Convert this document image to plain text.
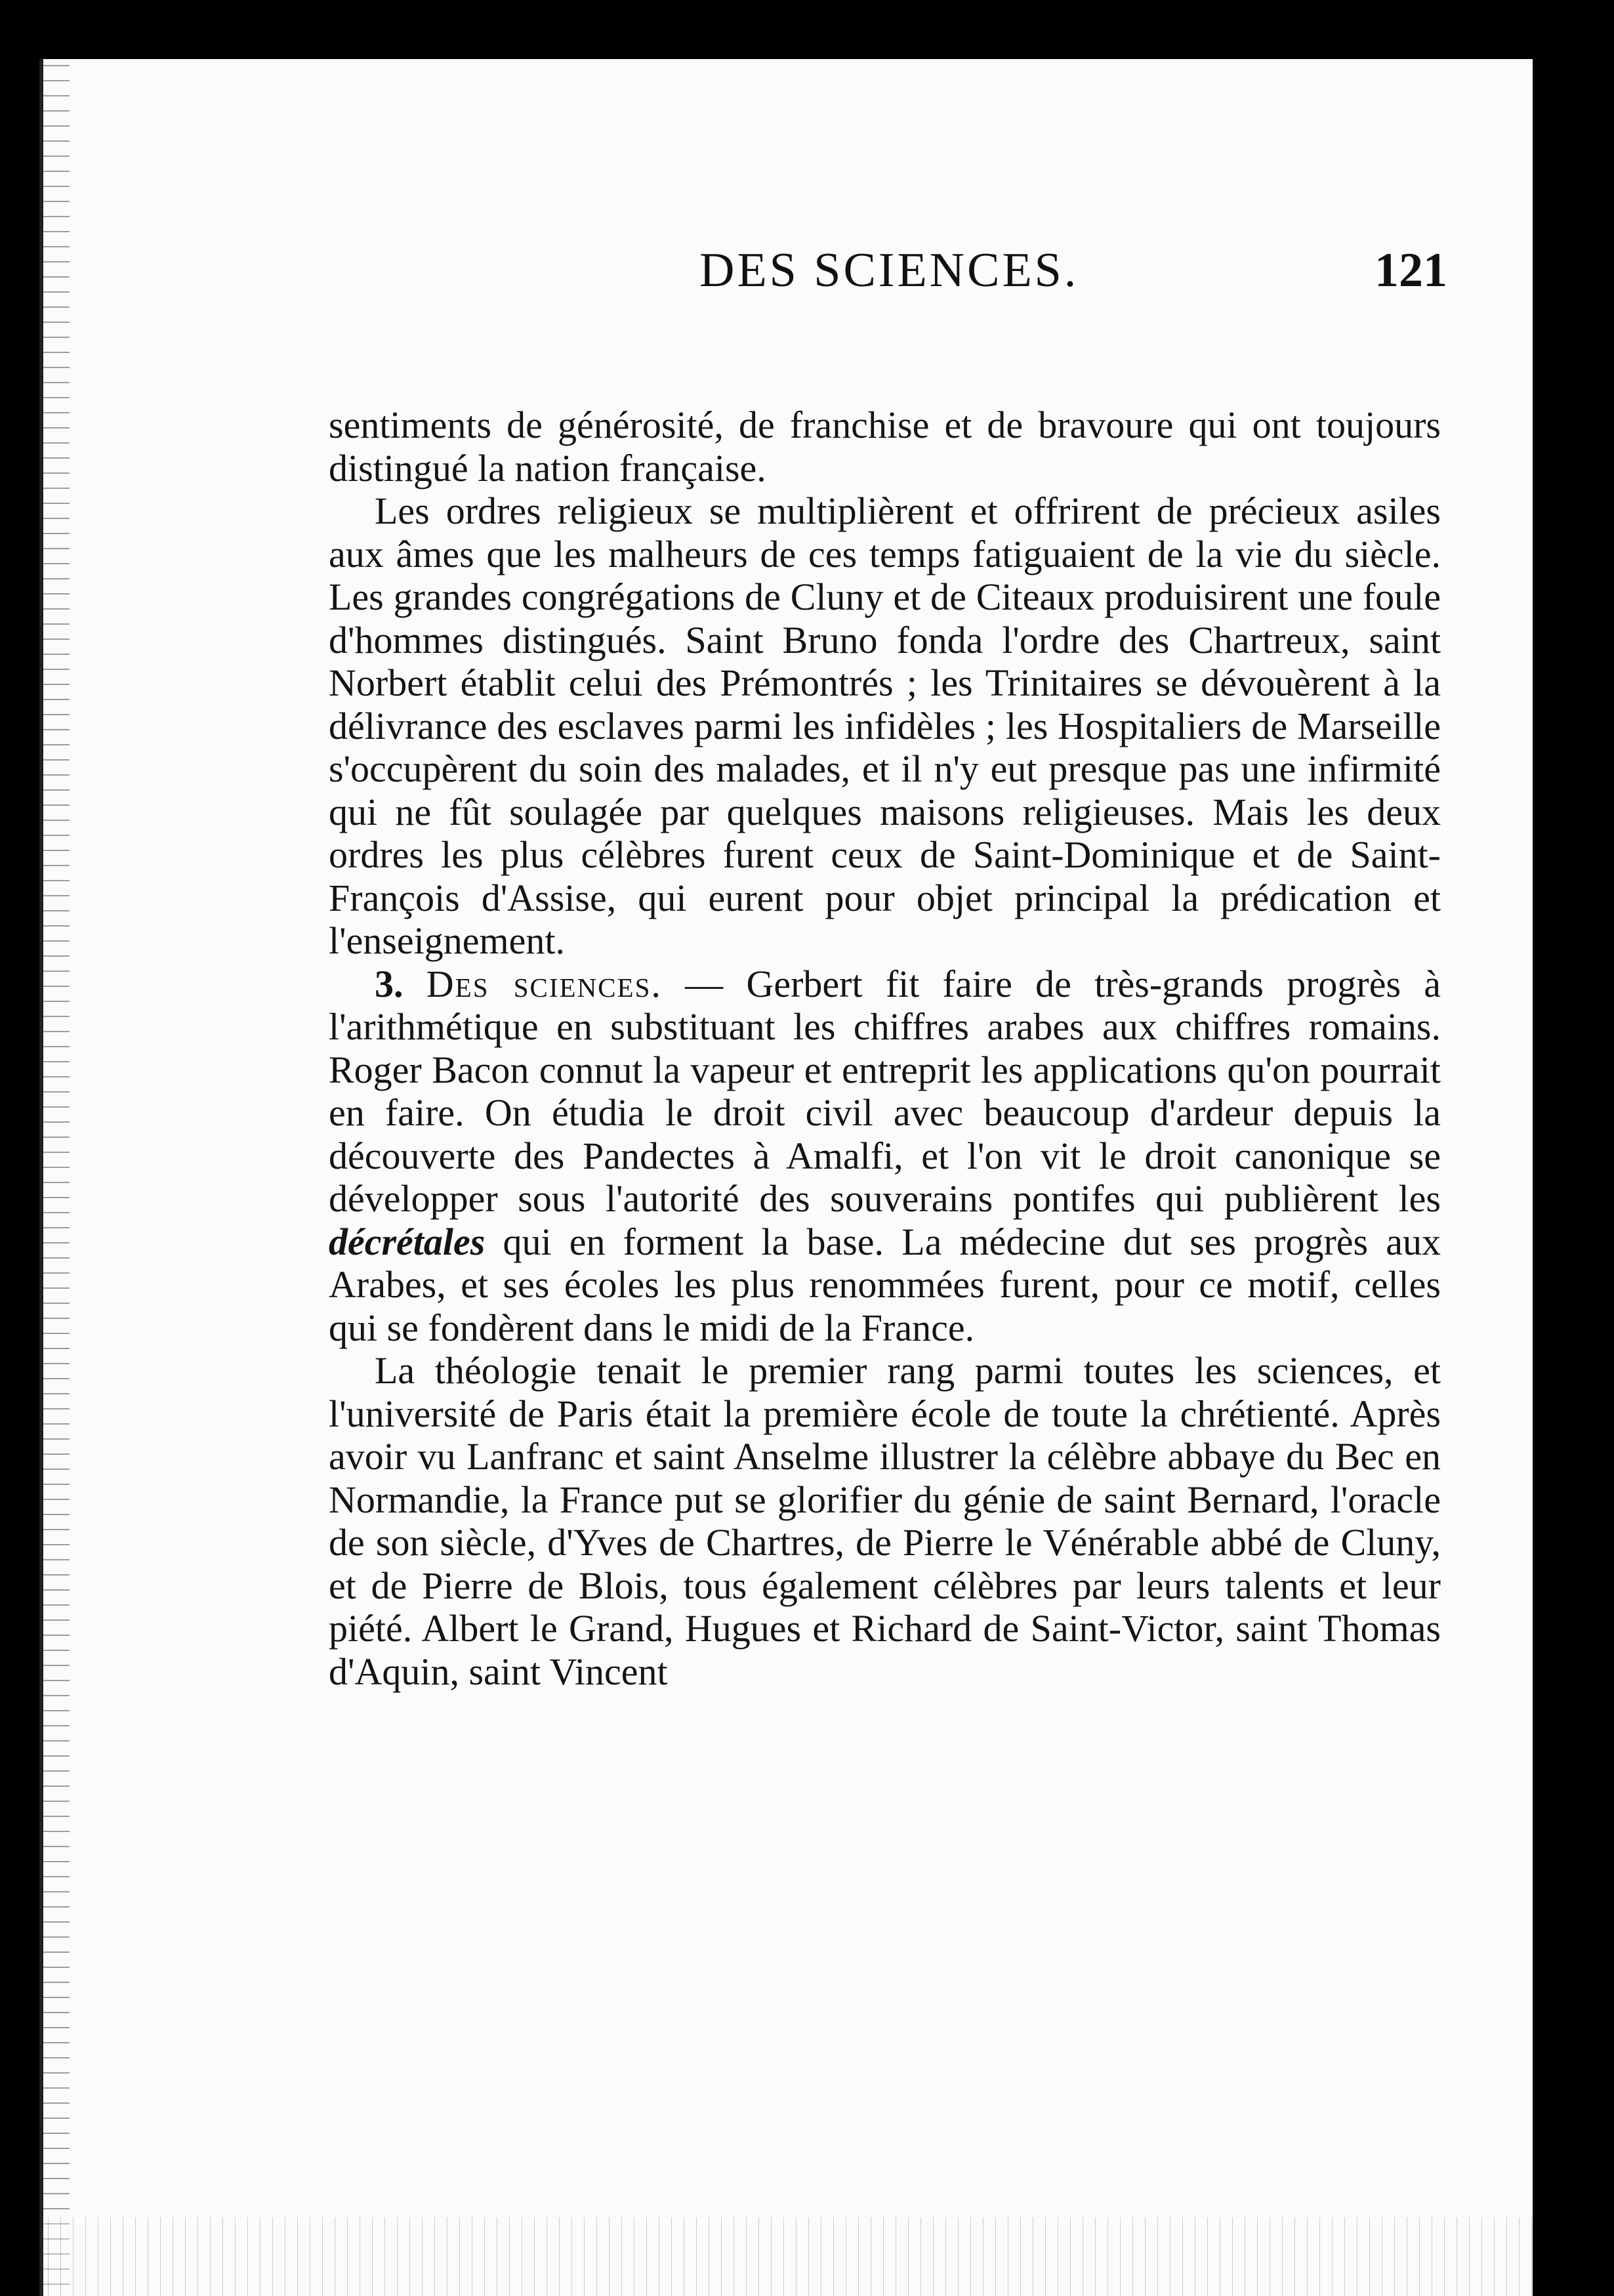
DES SCIENCES.	121

sentiments de générosité, de franchise et de bravoure qui ont toujours distingué la nation française.

Les ordres religieux se multiplièrent et offrirent de précieux asiles aux âmes que les malheurs de ces temps fatiguaient de la vie du siècle. Les grandes congrégations de Cluny et de Citeaux produisirent une foule d'hommes distingués. Saint Bruno fonda l'ordre des Chartreux, saint Norbert établit celui des Prémontrés ; les Trinitaires se dévouèrent à la délivrance des esclaves parmi les infidèles ; les Hospitaliers de Marseille s'occupèrent du soin des malades, et il n'y eut presque pas une infirmité qui ne fût soulagée par quelques maisons religieuses. Mais les deux ordres les plus célèbres furent ceux de Saint-Dominique et de Saint-François d'Assise, qui eurent pour objet principal la prédication et l'enseignement.

3. Des sciences. — Gerbert fit faire de très-grands progrès à l'arithmétique en substituant les chiffres arabes aux chiffres romains. Roger Bacon connut la vapeur et entreprit les applications qu'on pourrait en faire. On étudia le droit civil avec beaucoup d'ardeur depuis la découverte des Pandectes à Amalfi, et l'on vit le droit canonique se développer sous l'autorité des souverains pontifes qui publièrent les décrétales qui en forment la base. La médecine dut ses progrès aux Arabes, et ses écoles les plus renommées furent, pour ce motif, celles qui se fondèrent dans le midi de la France.

La théologie tenait le premier rang parmi toutes les sciences, et l'université de Paris était la première école de toute la chrétienté. Après avoir vu Lanfranc et saint Anselme illustrer la célèbre abbaye du Bec en Normandie, la France put se glorifier du génie de saint Bernard, l'oracle de son siècle, d'Yves de Chartres, de Pierre le Vénérable abbé de Cluny, et de Pierre de Blois, tous également célèbres par leurs talents et leur piété. Albert le Grand, Hugues et Richard de Saint-Victor, saint Thomas d'Aquin, saint Vincent
